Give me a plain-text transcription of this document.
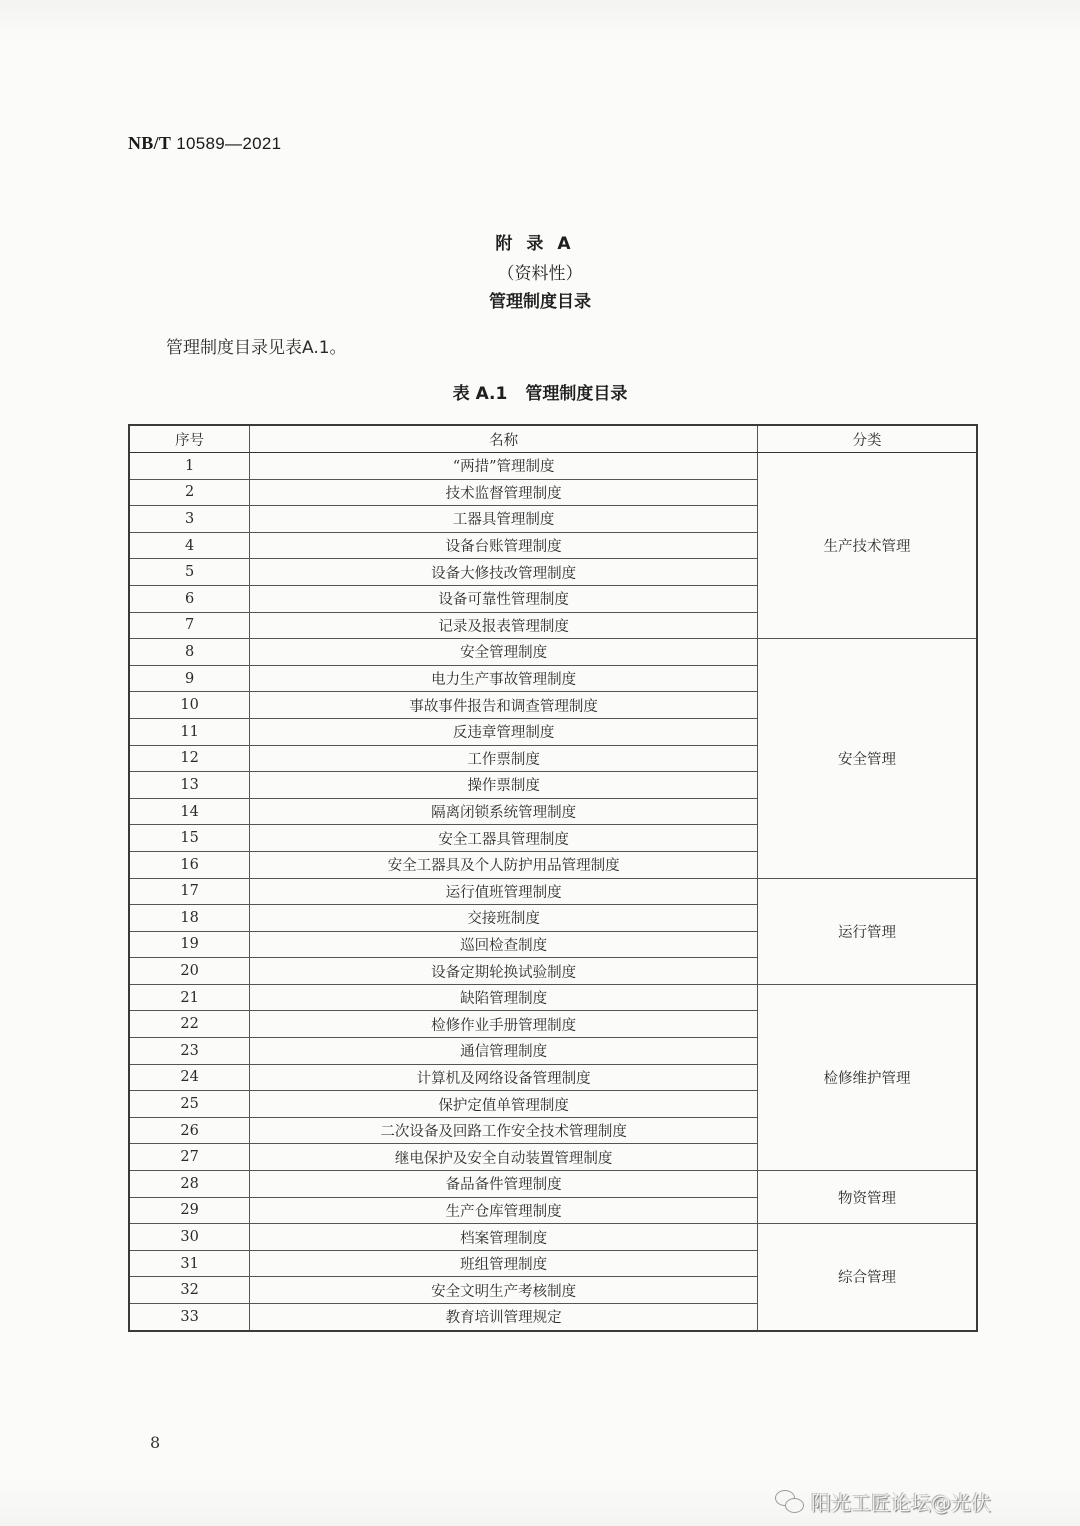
NB/T 10589—2021
附录A
（资料性）
管理制度目录
管理制度目录见表A.1。
表 A.1 管理制度目录
序号	名称	分类
1	“两措”管理制度	生产技术管理
2	技术监督管理制度	
3	工器具管理制度	
4	设备台账管理制度	
5	设备大修技改管理制度	
6	设备可靠性管理制度	
7	记录及报表管理制度	
8	安全管理制度	安全管理
9	电力生产事故管理制度	
10	事故事件报告和调查管理制度	
11	反违章管理制度	
12	工作票制度	
13	操作票制度	
14	隔离闭锁系统管理制度	
15	安全工器具管理制度	
16	安全工器具及个人防护用品管理制度	
17	运行值班管理制度	运行管理
18	交接班制度	
19	巡回检查制度	
20	设备定期轮换试验制度	
21	缺陷管理制度	检修维护管理
22	检修作业手册管理制度	
23	通信管理制度	
24	计算机及网络设备管理制度	
25	保护定值单管理制度	
26	二次设备及回路工作安全技术管理制度	
27	继电保护及安全自动装置管理制度	
28	备品备件管理制度	物资管理
29	生产仓库管理制度	
30	档案管理制度	综合管理
31	班组管理制度	
32	安全文明生产考核制度	
33	教育培训管理规定	
8
阳光工匠论坛@光伏
